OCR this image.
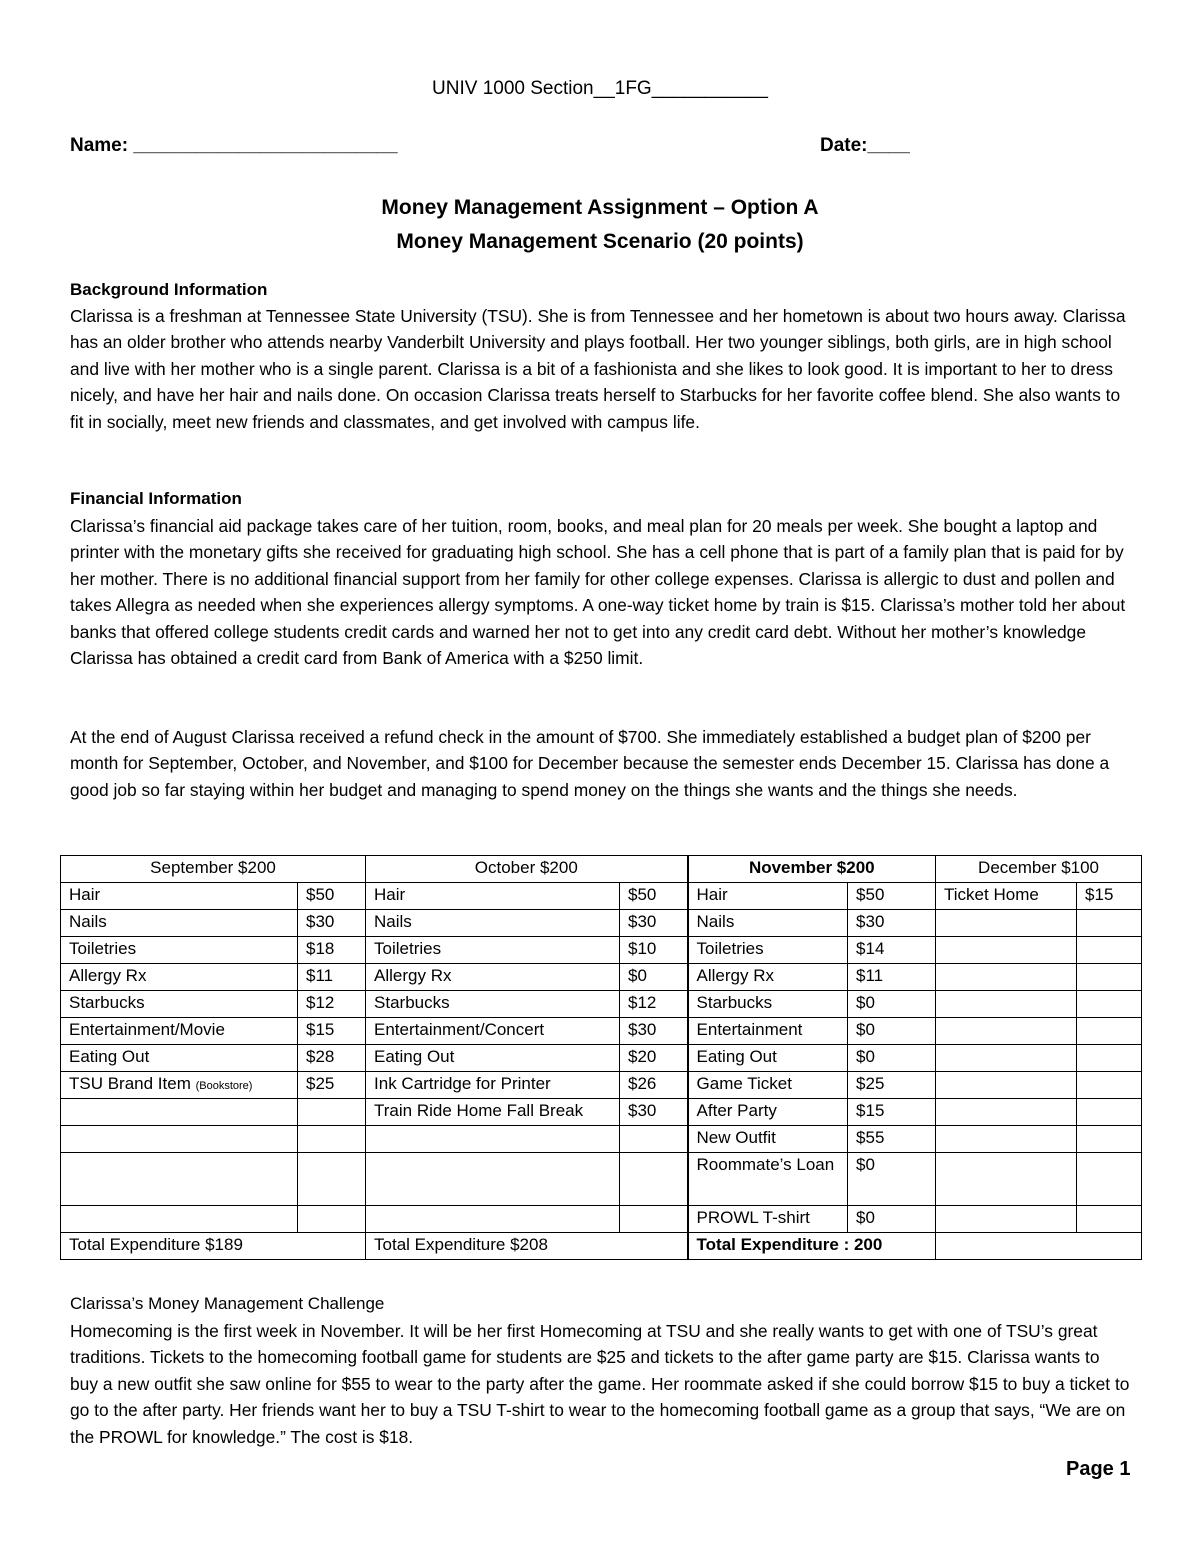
UNIV 1000 Section__1FG___________
Name: _________________________	Date:____
Money Management Assignment – Option A
Money Management Scenario (20 points)
Background Information
Clarissa is a freshman at Tennessee State University (TSU). She is from Tennessee and her hometown is about two hours away. Clarissa has an older brother who attends nearby Vanderbilt University and plays football. Her two younger siblings, both girls, are in high school and live with her mother who is a single parent. Clarissa is a bit of a fashionista and she likes to look good. It is important to her to dress nicely, and have her hair and nails done. On occasion Clarissa treats herself to Starbucks for her favorite coffee blend. She also wants to fit in socially, meet new friends and classmates, and get involved with campus life.
Financial Information
Clarissa’s financial aid package takes care of her tuition, room, books, and meal plan for 20 meals per week. She bought a laptop and printer with the monetary gifts she received for graduating high school. She has a cell phone that is part of a family plan that is paid for by her mother. There is no additional financial support from her family for other college expenses. Clarissa is allergic to dust and pollen and takes Allegra as needed when she experiences allergy symptoms. A one-way ticket home by train is $15. Clarissa’s mother told her about banks that offered college students credit cards and warned her not to get into any credit card debt. Without her mother’s knowledge Clarissa has obtained a credit card from Bank of America with a $250 limit.
At the end of August Clarissa received a refund check in the amount of $700. She immediately established a budget plan of $200 per month for September, October, and November, and $100 for December because the semester ends December 15. Clarissa has done a good job so far staying within her budget and managing to spend money on the things she wants and the things she needs.
September $200		October $200		November $200		December $100	
Hair	$50	Hair	$50	Hair	$50	Ticket Home	$15
Nails	$30	Nails	$30	Nails	$30		
Toiletries	$18	Toiletries	$10	Toiletries	$14		
Allergy Rx	$11	Allergy Rx	$0	Allergy Rx	$11		
Starbucks	$12	Starbucks	$12	Starbucks	$0		
Entertainment/Movie	$15	Entertainment/Concert	$30	Entertainment	$0		
Eating Out	$28	Eating Out	$20	Eating Out	$0		
TSU Brand Item (Bookstore)	$25	Ink Cartridge for Printer	$26	Game Ticket	$25		
		Train Ride Home Fall Break	$30	After Party	$15		
				New Outfit	$55		
				Roommate’s Loan	$0		
				PROWL T-shirt	$0		
Total Expenditure $189		Total Expenditure $208		Total Expenditure : 200			
Clarissa’s Money Management Challenge
Homecoming is the first week in November. It will be her first Homecoming at TSU and she really wants to get with one of TSU’s great traditions. Tickets to the homecoming football game for students are $25 and tickets to the after game party are $15. Clarissa wants to buy a new outfit she saw online for $55 to wear to the party after the game. Her roommate asked if she could borrow $15 to buy a ticket to go to the after party. Her friends want her to buy a TSU T-shirt to wear to the homecoming football game as a group that says, “We are on the PROWL for knowledge.” The cost is $18.
Page 1
